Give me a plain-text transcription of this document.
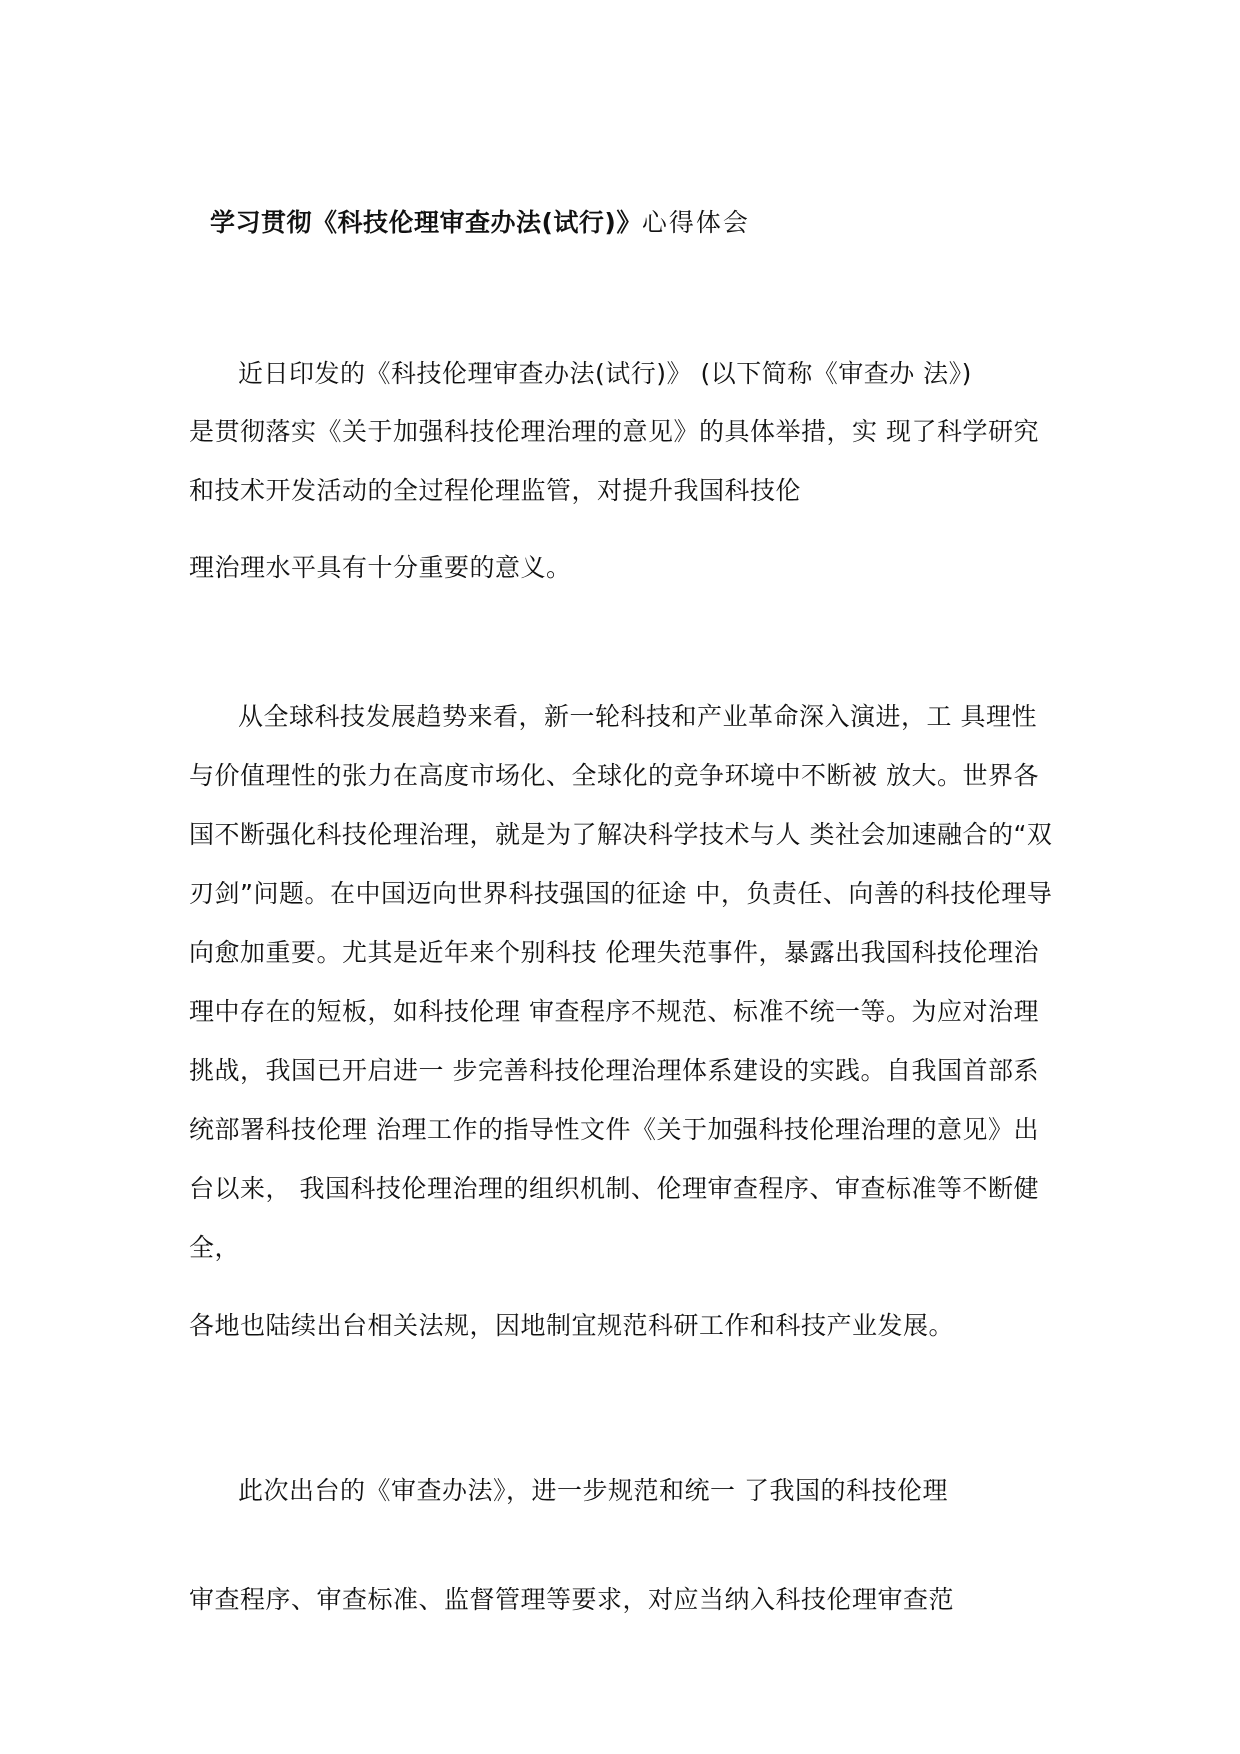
学习贯彻《科技伦理审查办法(试行)》心得体会
近日印发的《科技伦理审查办法(试行)》 (以下简称《审查办 法》)
是贯彻落实《关于加强科技伦理治理的意见》的具体举措，实 现了科学研究
和技术开发活动的全过程伦理监管，对提升我国科技伦
理治理水平具有十分重要的意义。
从全球科技发展趋势来看，新一轮科技和产业革命深入演进，工 具理性
与价值理性的张力在高度市场化、全球化的竞争环境中不断被 放大。世界各
国不断强化科技伦理治理，就是为了解决科学技术与人 类社会加速融合的“双
刃剑”问题。在中国迈向世界科技强国的征途 中，负责任、向善的科技伦理导
向愈加重要。尤其是近年来个别科技 伦理失范事件，暴露出我国科技伦理治
理中存在的短板，如科技伦理 审查程序不规范、标准不统一等。为应对治理
挑战，我国已开启进一 步完善科技伦理治理体系建设的实践。自我国首部系
统部署科技伦理 治理工作的指导性文件《关于加强科技伦理治理的意见》出
台以来， 我国科技伦理治理的组织机制、伦理审查程序、审查标准等不断健
全，
各地也陆续出台相关法规，因地制宜规范科研工作和科技产业发展。
此次出台的《审查办法》，进一步规范和统一 了我国的科技伦理
审查程序、审查标准、监督管理等要求，对应当纳入科技伦理审查范
